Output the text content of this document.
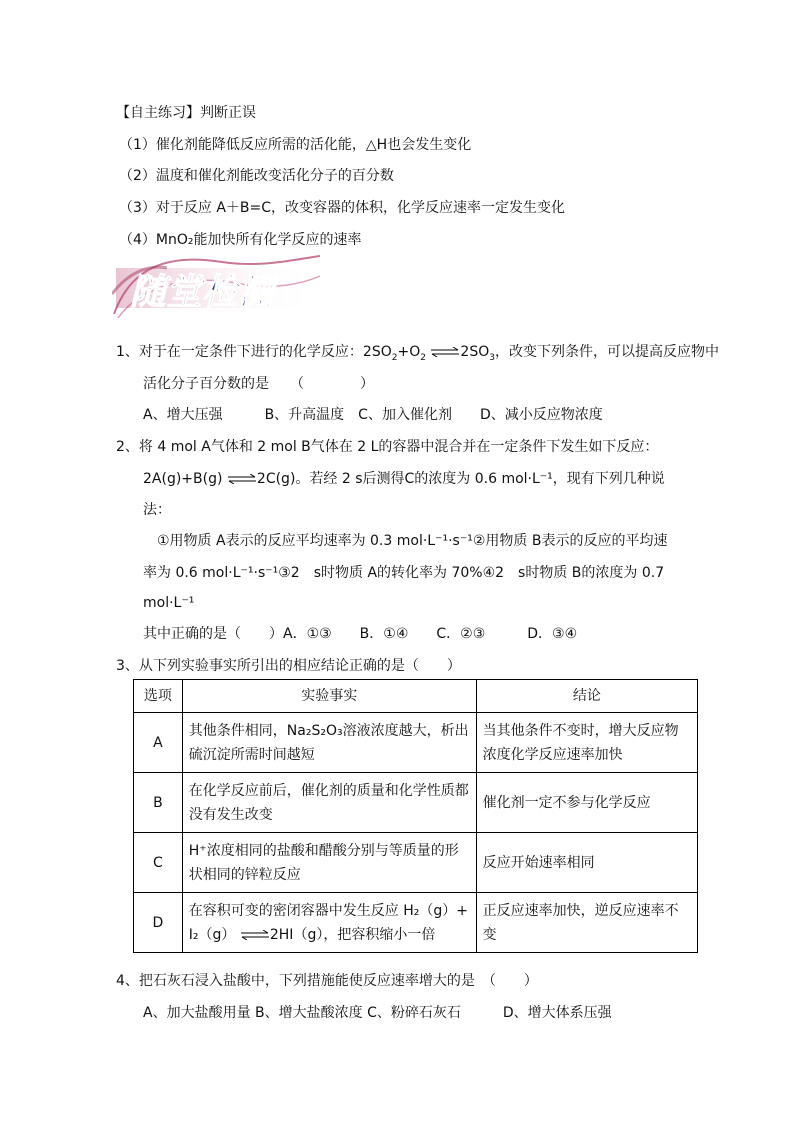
【自主练习】判断正误
（1）催化剂能降低反应所需的活化能，△H也会发生变化
（2）温度和催化剂能改变活化分子的百分数
（3）对于反应 A＋B=C，改变容器的体积，化学反应速率一定发生变化
（4）MnO₂能加快所有化学反应的速率
随堂检测
1、对于在一定条件下进行的化学反应：$2SO_2+O_2$ $\rightleftharpoons 2SO_3$，改变下列条件，可以提高反应物中
活化分子百分数的是　　（　　　　）
A、增大压强　　　B、升高温度　C、加入催化剂　　D、减小反应物浓度
2、将 4 mol A气体和 2 mol B气体在 2 L的容器中混合并在一定条件下发生如下反应：
2A(g)+B(g) ⇌2C(g)。若经 2 s后测得C的浓度为 0.6 mol·L⁻¹，现有下列几种说
法：
①用物质 A表示的反应平均速率为 0.3 mol·L⁻¹·s⁻¹②用物质 B表示的反应的平均速
率为 0.6 mol·L⁻¹·s⁻¹③2　s时物质 A的转化率为 70%④2　s时物质 B的浓度为 0.7
mol·L⁻¹
其中正确的是（　　）A．①③　　B．①④　　C．②③　　　D．③④
3、从下列实验事实所引出的相应结论正确的是（　　）
选项	实验事实	结论
A	其他条件相同，Na₂S₂O₃溶液浓度越大，析出硫沉淀所需时间越短	当其他条件不变时，增大反应物浓度化学反应速率加快
B	在化学反应前后，催化剂的质量和化学性质都没有发生改变	催化剂一定不参与化学反应
C	H⁺浓度相同的盐酸和醋酸分别与等质量的形状相同的锌粒反应	反应开始速率相同
D	在容积可变的密闭容器中发生反应 H₂（g）+
I₂（g） ⇌2HI（g），把容积缩小一倍	正反应速率加快，逆反应速率不变
4、把石灰石浸入盐酸中，下列措施能使反应速率增大的是　（　　）
A、加大盐酸用量 B、增大盐酸浓度 C、粉碎石灰石　　　D、增大体系压强
